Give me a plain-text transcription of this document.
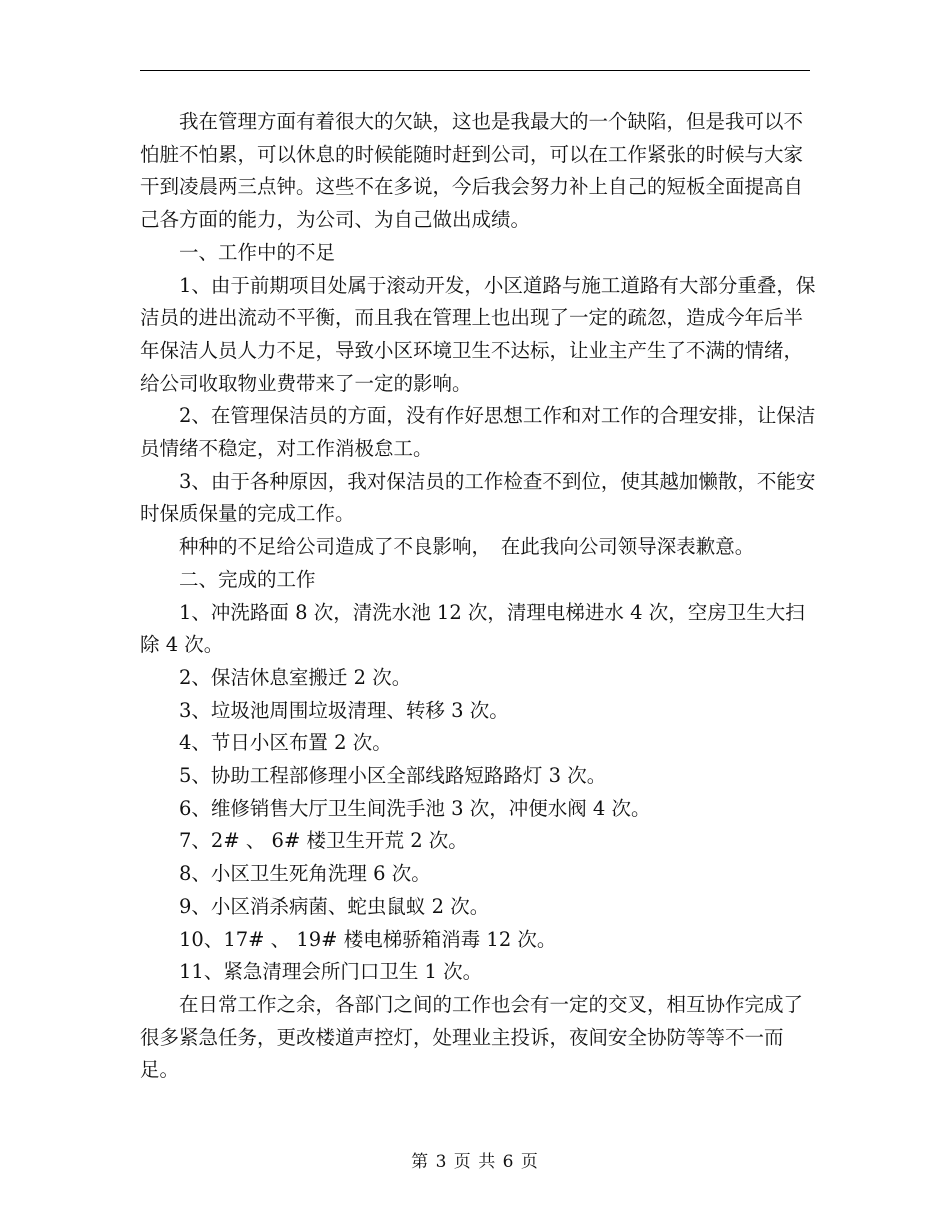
我在管理方面有着很大的欠缺，这也是我最大的一个缺陷，但是我可以不怕脏不怕累，可以休息的时候能随时赶到公司，可以在工作紧张的时候与大家干到凌晨两三点钟。这些不在多说，今后我会努力补上自己的短板全面提高自己各方面的能力，为公司、为自己做出成绩。

一、工作中的不足

1、由于前期项目处属于滚动开发，小区道路与施工道路有大部分重叠，保洁员的进出流动不平衡，而且我在管理上也出现了一定的疏忽，造成今年后半年保洁人员人力不足，导致小区环境卫生不达标，让业主产生了不满的情绪，给公司收取物业费带来了一定的影响。

2、在管理保洁员的方面，没有作好思想工作和对工作的合理安排，让保洁员情绪不稳定，对工作消极怠工。

3、由于各种原因，我对保洁员的工作检查不到位，使其越加懒散，不能安时保质保量的完成工作。

种种的不足给公司造成了不良影响，　在此我向公司领导深表歉意。

二、完成的工作

1、冲洗路面 8 次，清洗水池 12 次，清理电梯进水 4 次，空房卫生大扫除 4 次。

2、保洁休息室搬迁 2 次。

3、垃圾池周围垃圾清理、转移 3 次。

4、节日小区布置 2 次。

5、协助工程部修理小区全部线路短路路灯 3 次。

6、维修销售大厅卫生间洗手池 3 次，冲便水阀 4 次。

7、2# 、 6# 楼卫生开荒 2 次。

8、小区卫生死角洗理 6 次。

9、小区消杀病菌、蛇虫鼠蚁 2 次。

10、17# 、 19# 楼电梯骄箱消毒 12 次。

11、紧急清理会所门口卫生 1 次。

在日常工作之余，各部门之间的工作也会有一定的交叉，相互协作完成了很多紧急任务，更改楼道声控灯，处理业主投诉，夜间安全协防等等不一而足。

第 3 页 共 6 页
